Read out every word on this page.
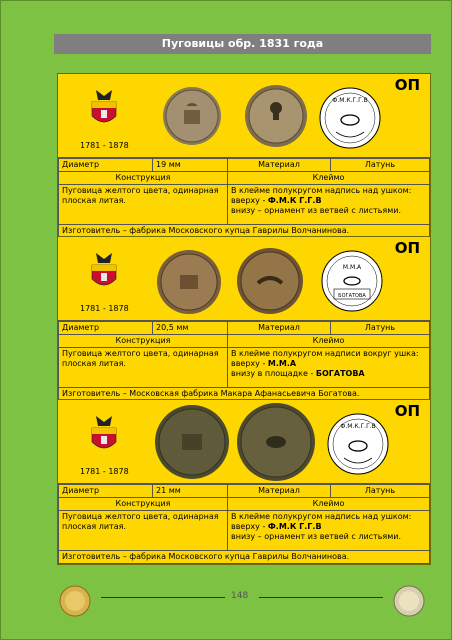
Пуговицы обр. 1831 года
1781 - 1878
Ф.М.К.Г.Г.В
ОП
Диаметр	19 мм	Материал	Латунь
Конструкция		Клеймо	
Пуговица желтого цвета, одинарная плоская литая.		В клейме полукругом надпись над ушком:
вверху - Ф.М.К Г.Г.В
внизу – орнамент из ветвей с листьями.	

Изготовитель – фабрика Московского купца Гаврилы Волчанинова.			
1781 - 1878
М.М.А
БОГАТОВА
ОП
Диаметр	20,5 мм	Материал	Латунь
Конструкция		Клеймо	
Пуговица желтого цвета, одинарная плоская литая.		В клейме полукругом надписи вокруг ушка:
вверху - М.М.А
внизу в площадке - БОГАТОВА	

Изготовитель – Московская фабрика Макара Афанасьевича Богатова.			
1781 - 1878
Ф.М.К.Г.Г.В
ОП
Диаметр	21 мм	Материал	Латунь
Конструкция		Клеймо	
Пуговица желтого цвета, одинарная плоская литая.		В клейме полукругом надпись над ушком:
вверху - Ф.М.К Г.Г.В
внизу – орнамент из ветвей с листьями.	

Изготовитель – фабрика Московского купца Гаврилы Волчанинова.			
148
